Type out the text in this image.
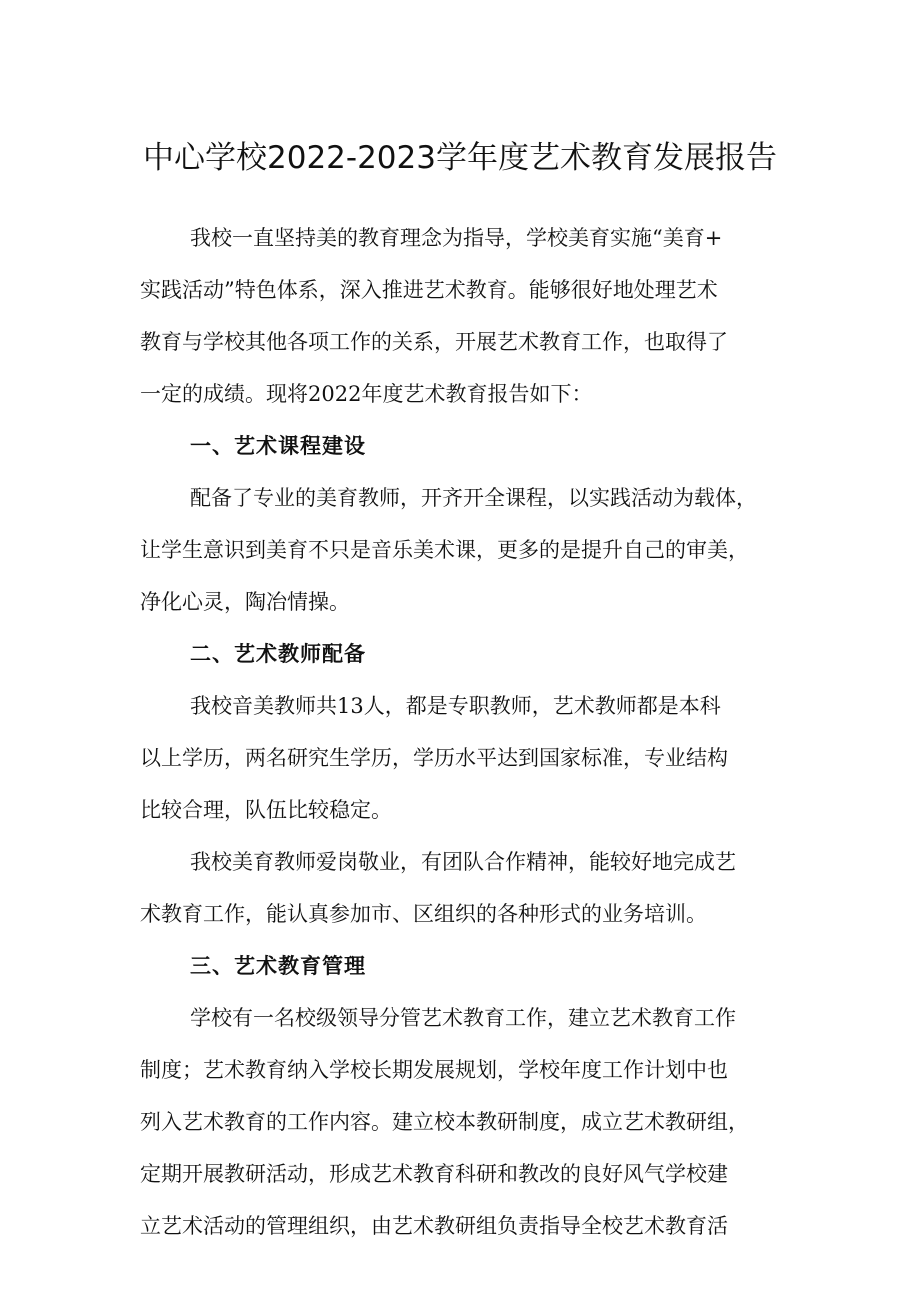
中心学校2022-2023学年度艺术教育发展报告
我校一直坚持美的教育理念为指导，学校美育实施“美育+
实践活动”特色体系，深入推进艺术教育。能够很好地处理艺术
教育与学校其他各项工作的关系，开展艺术教育工作，也取得了
一定的成绩。现将2022年度艺术教育报告如下：
一、艺术课程建设
配备了专业的美育教师，开齐开全课程，以实践活动为载体，
让学生意识到美育不只是音乐美术课，更多的是提升自己的审美，
净化心灵，陶冶情操。
二、艺术教师配备
我校音美教师共13人，都是专职教师，艺术教师都是本科
以上学历，两名研究生学历，学历水平达到国家标准，专业结构
比较合理，队伍比较稳定。
我校美育教师爱岗敬业，有团队合作精神，能较好地完成艺
术教育工作，能认真参加市、区组织的各种形式的业务培训。
三、艺术教育管理
学校有一名校级领导分管艺术教育工作，建立艺术教育工作
制度；艺术教育纳入学校长期发展规划，学校年度工作计划中也
列入艺术教育的工作内容。建立校本教研制度，成立艺术教研组，
定期开展教研活动，形成艺术教育科研和教改的良好风气学校建
立艺术活动的管理组织，由艺术教研组负责指导全校艺术教育活
